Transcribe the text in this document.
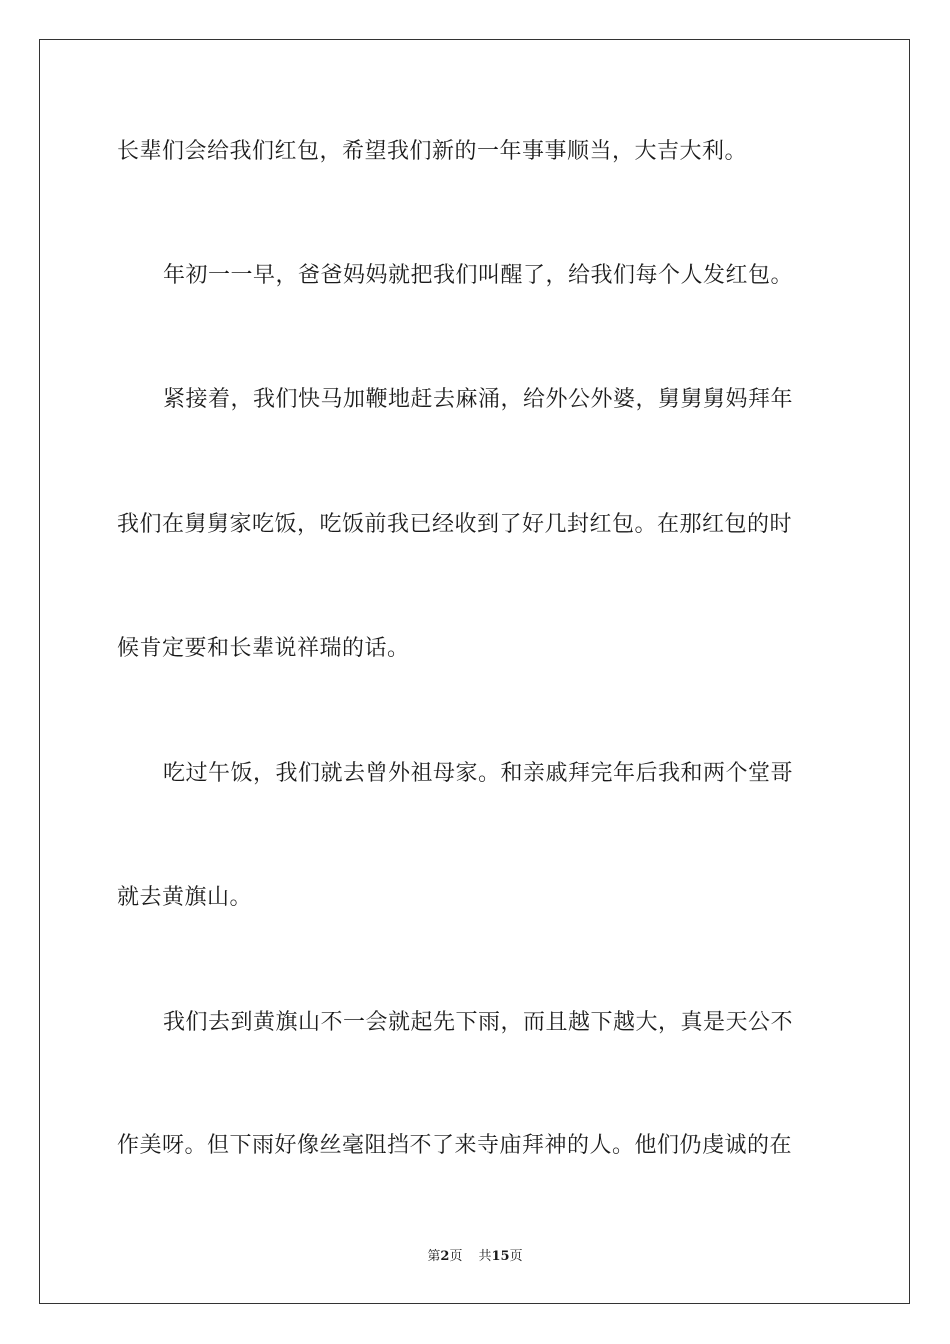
长辈们会给我们红包，希望我们新的一年事事顺当，大吉大利。
年初一一早，爸爸妈妈就把我们叫醒了，给我们每个人发红包。
紧接着，我们快马加鞭地赶去麻涌，给外公外婆，舅舅舅妈拜年
我们在舅舅家吃饭，吃饭前我已经收到了好几封红包。在那红包的时
候肯定要和长辈说祥瑞的话。
吃过午饭，我们就去曾外祖母家。和亲戚拜完年后我和两个堂哥
就去黄旗山。
我们去到黄旗山不一会就起先下雨，而且越下越大，真是天公不
作美呀。但下雨好像丝毫阻挡不了来寺庙拜神的人。他们仍虔诚的在
第2页 共15页
